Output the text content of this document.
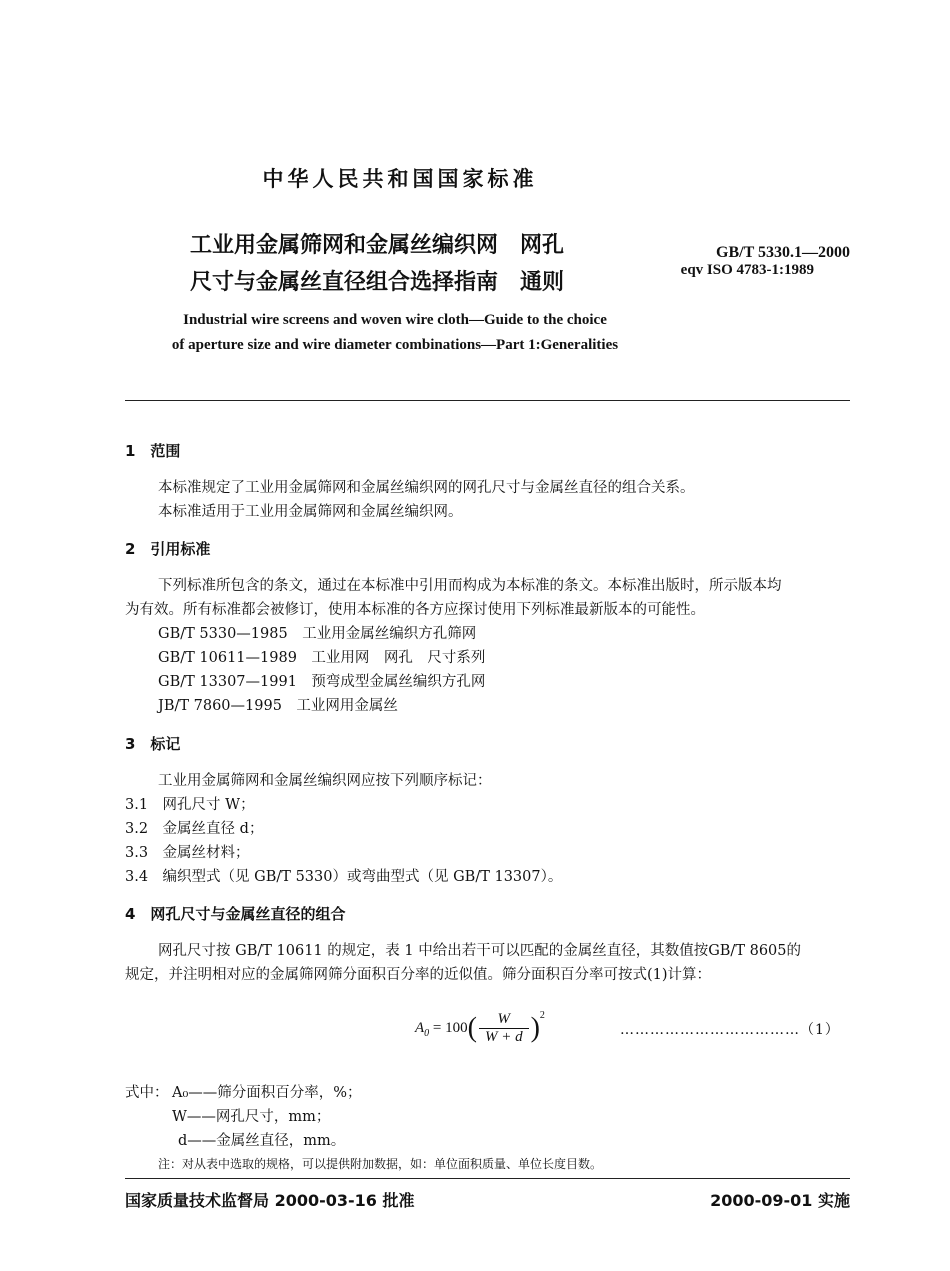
中华人民共和国国家标准
工业用金属筛网和金属丝编织网　网孔
尺寸与金属丝直径组合选择指南　通则
GB/T 5330.1—2000
eqv ISO 4783-1:1989
Industrial wire screens and woven wire cloth—Guide to the choice
of aperture size and wire diameter combinations—Part 1:Generalities
1　范围
本标准规定了工业用金属筛网和金属丝编织网的网孔尺寸与金属丝直径的组合关系。
本标准适用于工业用金属筛网和金属丝编织网。
2　引用标准
下列标准所包含的条文，通过在本标准中引用而构成为本标准的条文。本标准出版时，所示版本均
为有效。所有标准都会被修订，使用本标准的各方应探讨使用下列标准最新版本的可能性。
GB/T 5330—1985　工业用金属丝编织方孔筛网
GB/T 10611—1989　工业用网　网孔　尺寸系列
GB/T 13307—1991　预弯成型金属丝编织方孔网
JB/T 7860—1995　工业网用金属丝
3　标记
工业用金属筛网和金属丝编织网应按下列顺序标记：
3.1　网孔尺寸 W；
3.2　金属丝直径 d；
3.3　金属丝材料；
3.4　编织型式（见 GB/T 5330）或弯曲型式（见 GB/T 13307）。
4　网孔尺寸与金属丝直径的组合
网孔尺寸按 GB/T 10611 的规定，表 1 中给出若干可以匹配的金属丝直径，其数值按GB/T 8605的
规定，并注明相对应的金属筛网筛分面积百分率的近似值。筛分面积百分率可按式(1)计算：
$A_0 = 100( \frac{W}{W + d} )^2$
………………………………（1）
式中： A₀——筛分面积百分率，%；
W——网孔尺寸，mm；
d——金属丝直径，mm。
注：对从表中选取的规格，可以提供附加数据，如：单位面积质量、单位长度目数。
国家质量技术监督局 2000-03-16 批准	2000-09-01 实施
